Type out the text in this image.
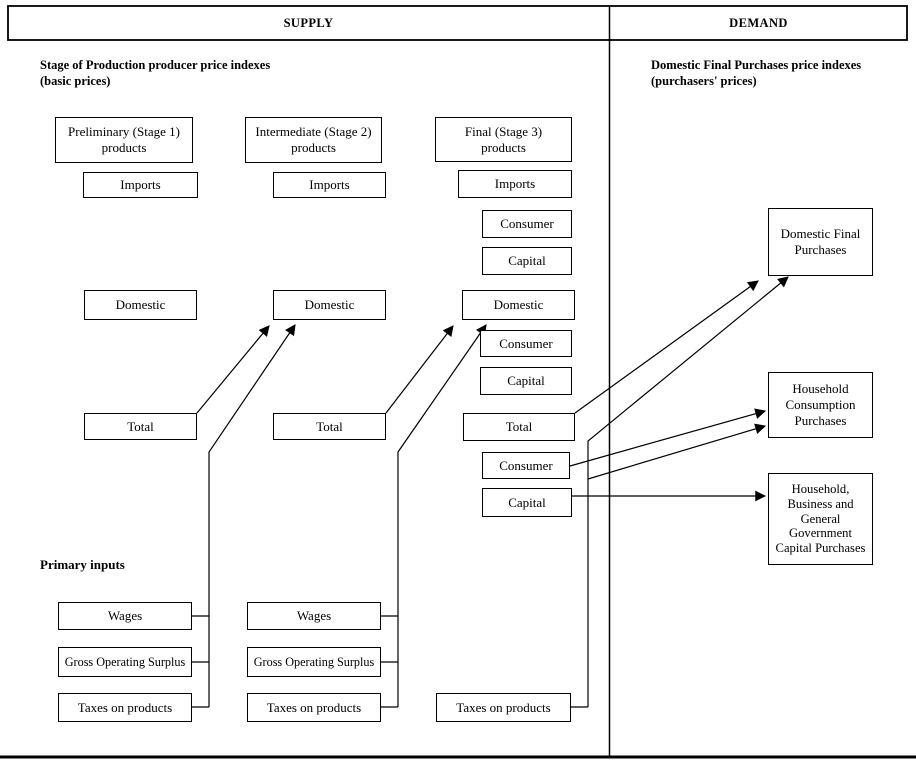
SUPPLY	DEMAND
Stage of Production producer price indexes
(basic prices)
Domestic Final Purchases price indexes
(purchasers' prices)
Preliminary (Stage 1)
products
Imports
Domestic
Total
Intermediate (Stage 2)
products
Imports
Domestic
Total
Final (Stage 3)
products
Imports
Consumer
Capital
Domestic
Consumer
Capital
Total
Consumer
Capital
Domestic Final
Purchases
Household
Consumption
Purchases
Household,
Business and
General
Government
Capital Purchases
Primary inputs
Wages
Gross Operating Surplus
Taxes on products
Wages
Gross Operating Surplus
Taxes on products	Taxes on products
